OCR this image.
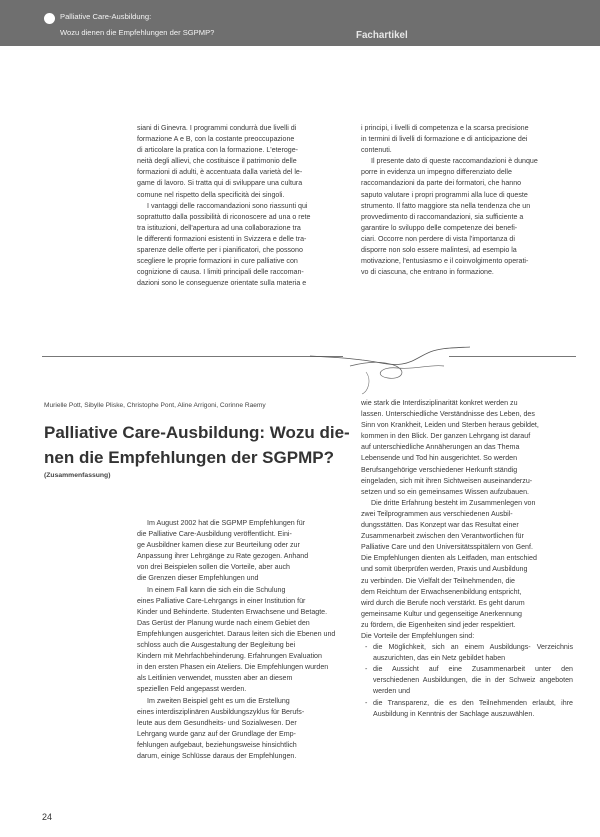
Palliative Care-Ausbildung:
Wozu dienen die Empfehlungen der SGPMP?	Fachartikel
siani di Ginevra. I programmi condurrà due livelli di
formazione A e B, con la costante preoccupazione
di articolare la pratica con la formazione. L'eteroge-
neità degli allievi, che costituisce il patrimonio delle
formazioni di adulti, è accentuata dalla varietà del le-
game di lavoro. Si tratta qui di sviluppare una cultura
comune nel rispetto della specificità dei singoli.
I vantaggi delle raccomandazioni sono riassunti qui
soprattutto dalla possibilità di riconoscere ad una o rete
tra istituzioni, dell'apertura ad una collaborazione tra
le differenti formazioni esistenti in Svizzera e delle tra-
sparenze delle offerte per i pianificatori, che possono
scegliere le proprie formazioni in cure palliative con
cognizione di causa. I limiti principali delle raccoman-
dazioni sono le conseguenze orientate sulla materia e
i principi, i livelli di competenza e la scarsa precisione
in termini di livelli di formazione e di anticipazione dei
contenuti.
Il presente dato di queste raccomandazioni è dunque
porre in evidenza un impegno differenziato delle
raccomandazioni da parte dei formatori, che hanno
saputo valutare i propri programmi alla luce di queste
strumento. Il fatto maggiore sta nella tendenza che un
provvedimento di raccomandazioni, sia sufficiente a
garantire lo sviluppo delle competenze dei benefi-
ciari. Occorre non perdere di vista l'importanza di
disporre non solo essere malintesi, ad esempio la
motivazione, l'entusiasmo e il coinvolgimento operati-
vo di ciascuna, che entrano in formazione.
Murielle Pott, Sibylle Pliske, Christophe Pont, Aline Arrigoni, Corinne Raemy
Palliative Care-Ausbildung: Wozu die-
nen die Empfehlungen der SGPMP?
(Zusammenfassung)
Im August 2002 hat die SGPMP Empfehlungen für
die Palliative Care-Ausbildung veröffentlicht. Eini-
ge Ausbildner kamen diese zur Beurteilung oder zur
Anpassung ihrer Lehrgänge zu Rate gezogen. Anhand
von drei Beispielen sollen die Vorteile, aber auch
die Grenzen dieser Empfehlungen und
In einem Fall kann die sich ein die Schulung
eines Palliative Care-Lehrgangs in einer Institution für
Kinder und Behinderte. Studenten Erwachsene und Betagte.
Das Gerüst der Planung wurde nach einem Gebiet den
Empfehlungen ausgerichtet. Daraus leiten sich die Ebenen und
schloss auch die Ausgestaltung der Begleitung bei
Kindern mit Mehrfachbehinderung. Erfahrungen Evaluation
in den ersten Phasen ein Ateliers. Die Empfehlungen wurden
als Leitlinien verwendet, mussten aber an diesem
speziellen Feld angepasst werden.
Im zweiten Beispiel geht es um die Erstellung
eines interdisziplinären Ausbildungszyklus für Berufs-
leute aus dem Gesundheits- und Sozialwesen. Der
Lehrgang wurde ganz auf der Grundlage der Emp-
fehlungen aufgebaut, beziehungsweise hinsichtlich
darum, einige Schlüsse daraus der Empfehlungen.
wie stark die Interdisziplinarität konkret werden zu
lassen. Unterschiedliche Verständnisse des Leben, des
Sinn von Krankheit, Leiden und Sterben heraus gebildet,
kommen in den Blick. Der ganzen Lehrgang ist darauf
auf unterschiedliche Annäherungen an das Thema
Lebensende und Tod hin ausgerichtet. So werden
Berufsangehörige verschiedener Herkunft ständig
eingeladen, sich mit ihren Sichtweisen auseinanderzu-
setzen und so ein gemeinsames Wissen aufzubauen.
Die dritte Erfahrung besteht im Zusammenlegen von
zwei Teilprogrammen aus verschiedenen Ausbil-
dungsstätten. Das Konzept war das Resultat einer
Zusammenarbeit zwischen den Verantwortlichen für
Palliative Care und den Universitätsspitälern von Genf.
Die Empfehlungen dienten als Leitfaden, man entschied
und somit überprüfen werden, Praxis und Ausbildung
zu verbinden. Die Vielfalt der Teilnehmenden, die
dem Reichtum der Erwachsenenbildung entspricht,
wird durch die Berufe noch verstärkt. Es geht darum
gemeinsame Kultur und gegenseitige Anerkennung
zu fördern, die Eigenheiten sind jeder respektiert.
Die Vorteile der Empfehlungen sind:
- die Möglichkeit, sich an einem Ausbildungs- Verzeichnis auszurichten, das ein Netz gebildet haben
- die Aussicht auf eine Zusammenarbeit unter den verschiedenen Ausbildungen, die in der Schweiz angeboten werden und
- die Transparenz, die es den Teilnehmenden erlaubt, ihre Ausbildung in Kenntnis der Sachlage auszuwählen.
24
